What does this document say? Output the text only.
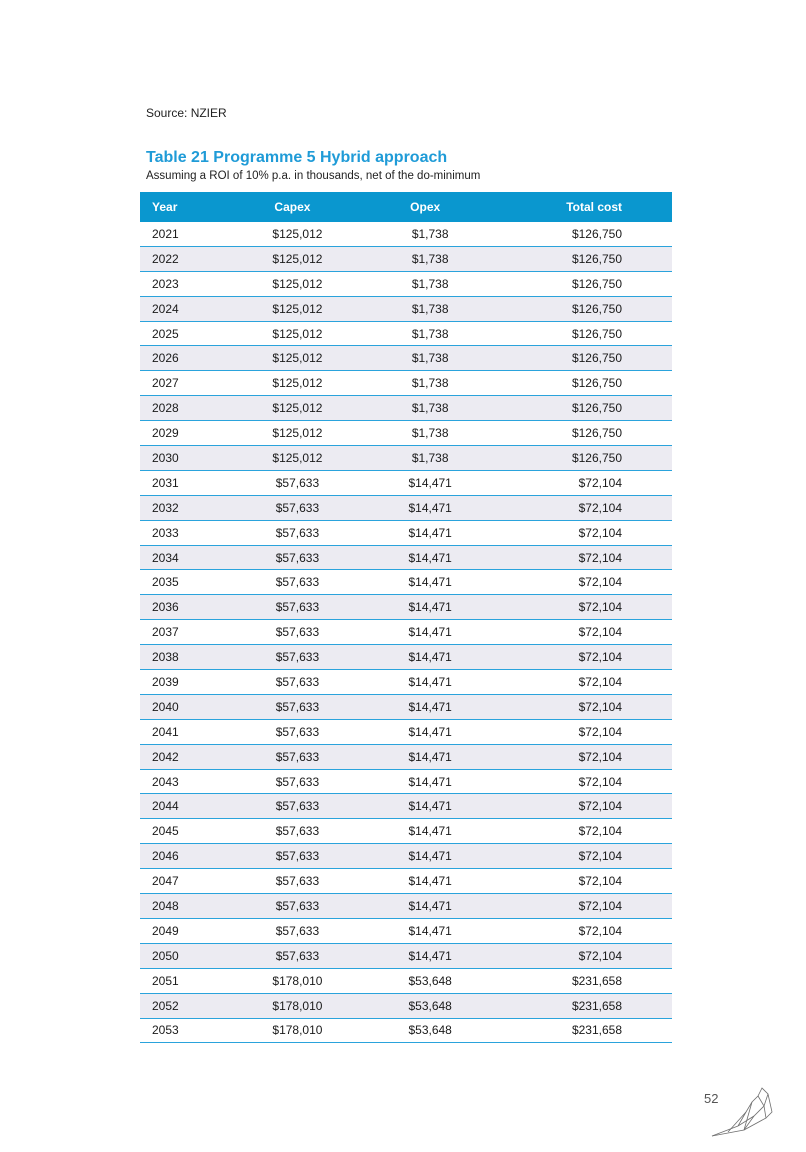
Source: NZIER
Table 21 Programme 5 Hybrid approach
Assuming a ROI of 10% p.a. in thousands, net of the do-minimum
Year	Capex	Opex	Total cost
2021	$125,012	$1,738	$126,750
2022	$125,012	$1,738	$126,750
2023	$125,012	$1,738	$126,750
2024	$125,012	$1,738	$126,750
2025	$125,012	$1,738	$126,750
2026	$125,012	$1,738	$126,750
2027	$125,012	$1,738	$126,750
2028	$125,012	$1,738	$126,750
2029	$125,012	$1,738	$126,750
2030	$125,012	$1,738	$126,750
2031	$57,633	$14,471	$72,104
2032	$57,633	$14,471	$72,104
2033	$57,633	$14,471	$72,104
2034	$57,633	$14,471	$72,104
2035	$57,633	$14,471	$72,104
2036	$57,633	$14,471	$72,104
2037	$57,633	$14,471	$72,104
2038	$57,633	$14,471	$72,104
2039	$57,633	$14,471	$72,104
2040	$57,633	$14,471	$72,104
2041	$57,633	$14,471	$72,104
2042	$57,633	$14,471	$72,104
2043	$57,633	$14,471	$72,104
2044	$57,633	$14,471	$72,104
2045	$57,633	$14,471	$72,104
2046	$57,633	$14,471	$72,104
2047	$57,633	$14,471	$72,104
2048	$57,633	$14,471	$72,104
2049	$57,633	$14,471	$72,104
2050	$57,633	$14,471	$72,104
2051	$178,010	$53,648	$231,658
2052	$178,010	$53,648	$231,658
2053	$178,010	$53,648	$231,658
52
